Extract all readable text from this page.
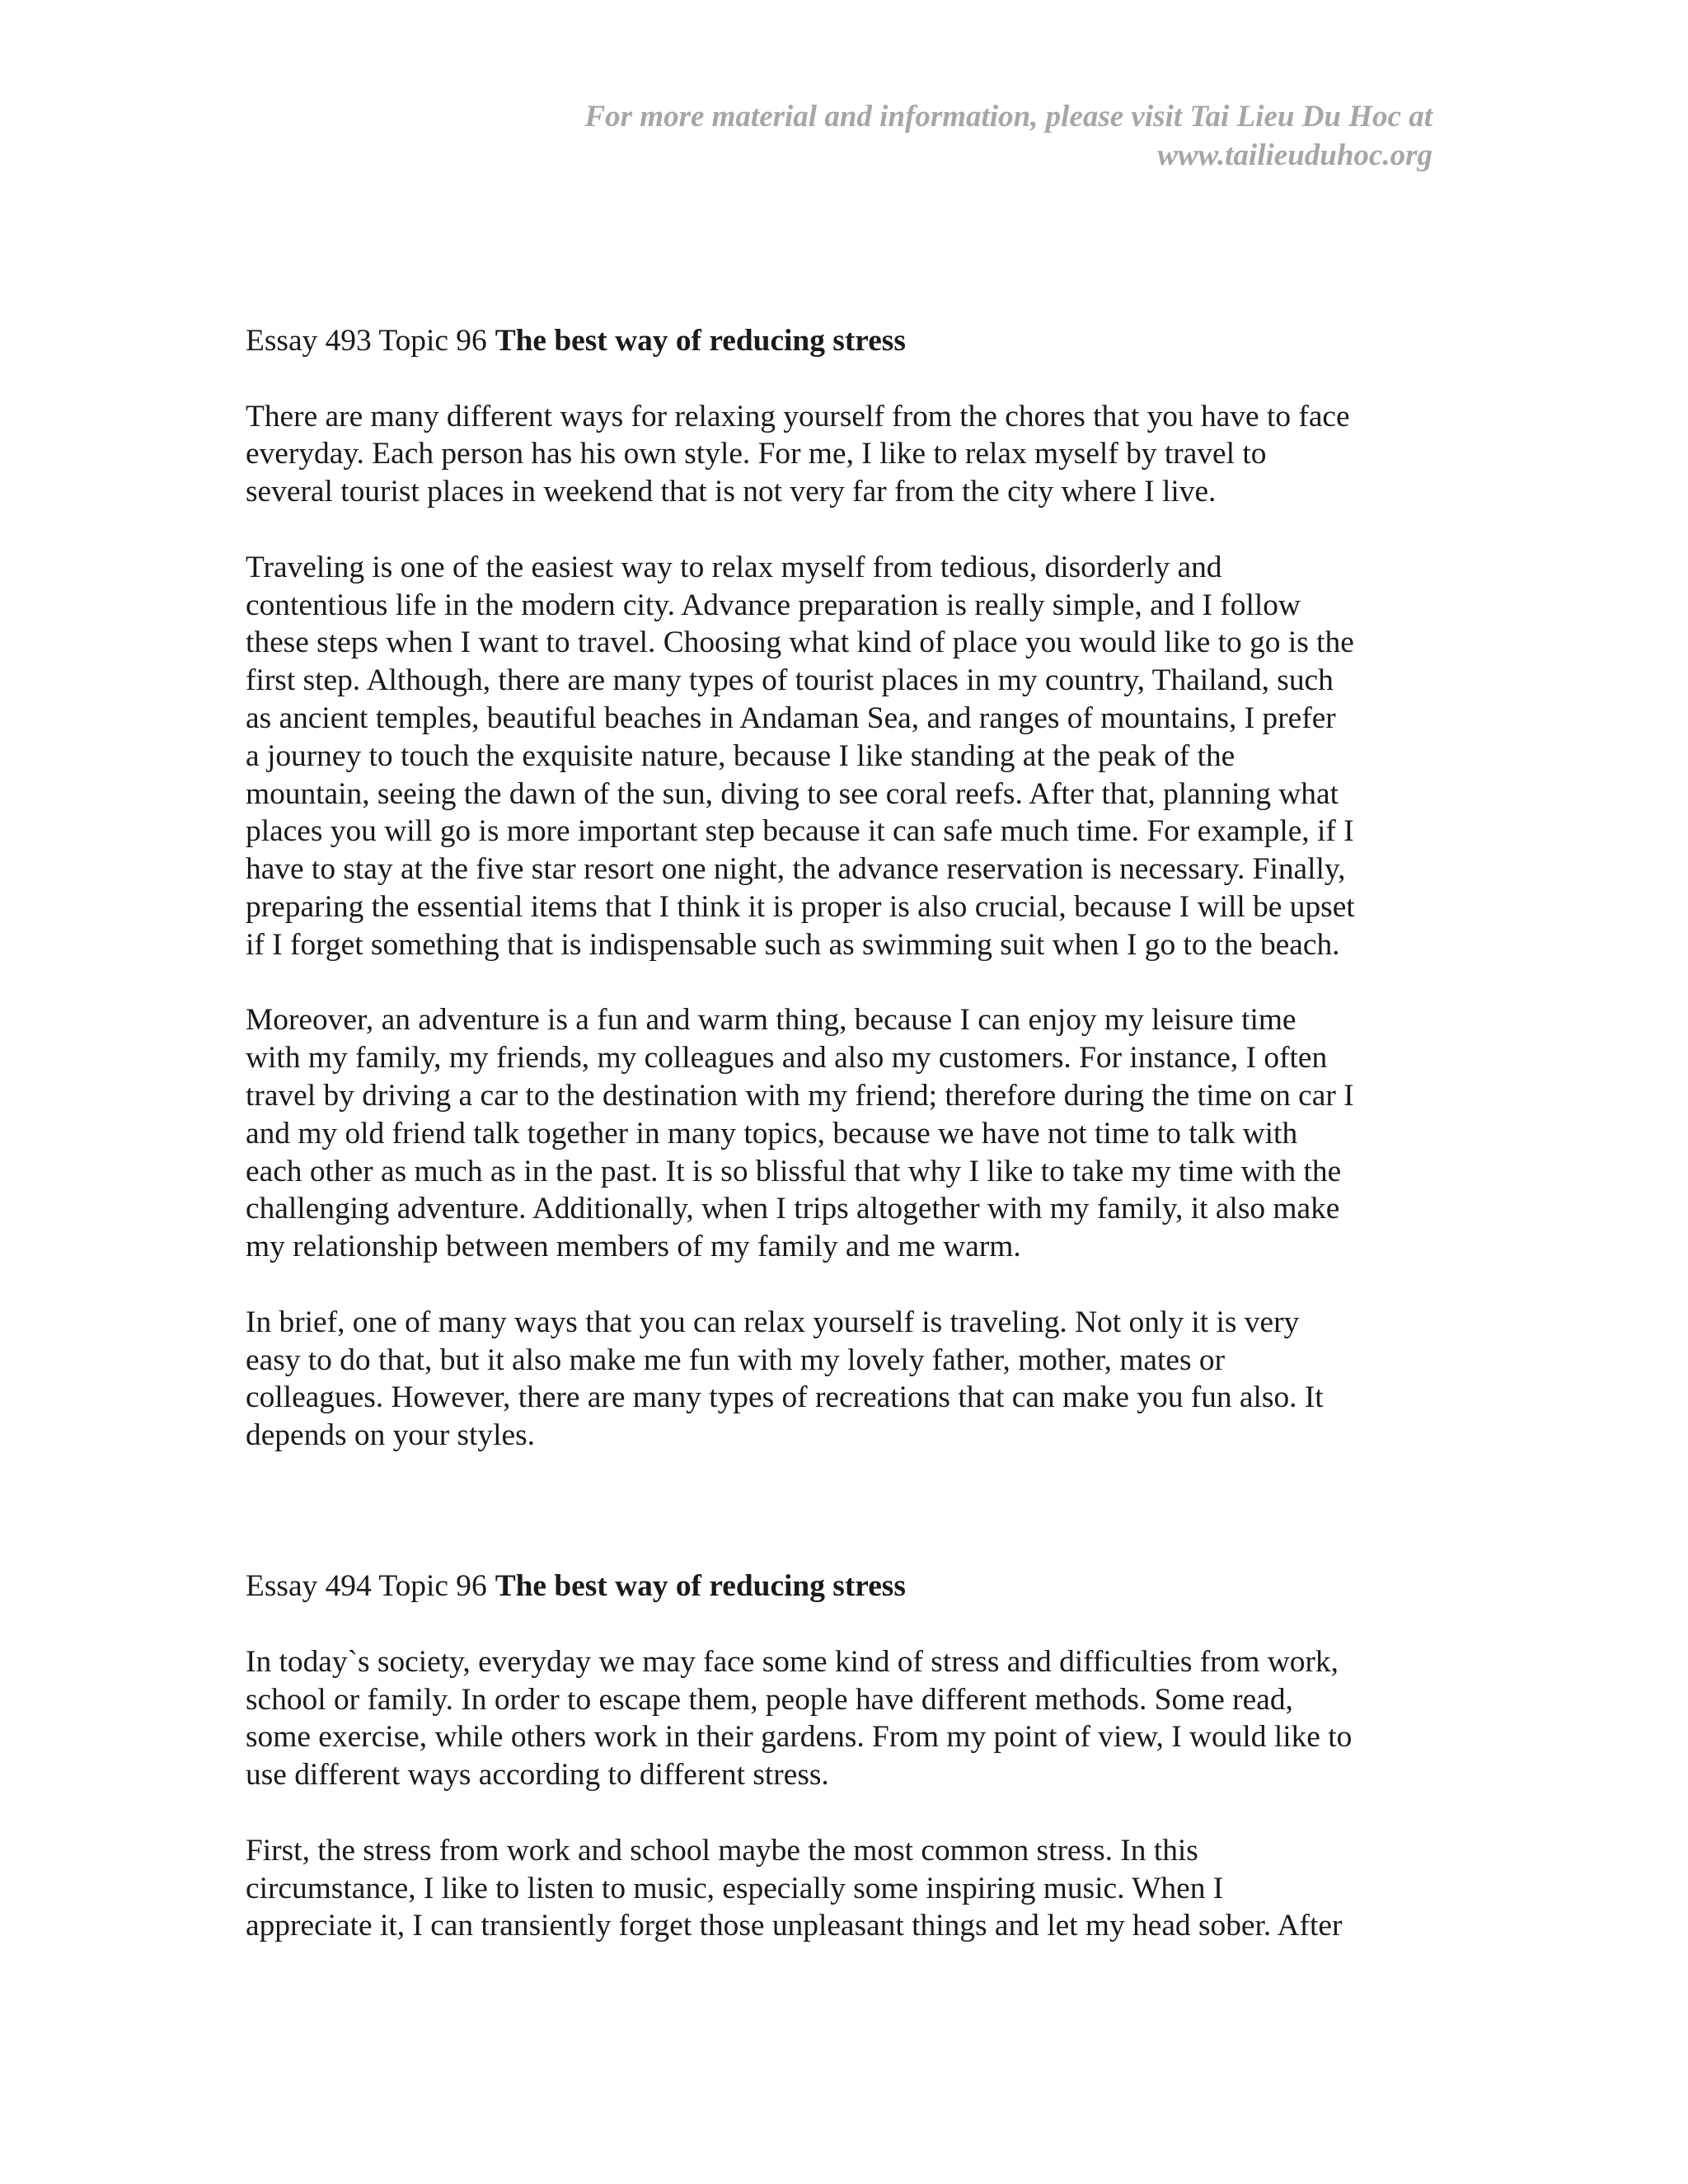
For more material and information, please visit Tai Lieu Du Hoc at
www.tailieuduhoc.org
Essay 493 Topic 96 The best way of reducing stress

There are many different ways for relaxing yourself from the chores that you have to face
everyday. Each person has his own style. For me, I like to relax myself by travel to
several tourist places in weekend that is not very far from the city where I live.

Traveling is one of the easiest way to relax myself from tedious, disorderly and
contentious life in the modern city. Advance preparation is really simple, and I follow
these steps when I want to travel. Choosing what kind of place you would like to go is the
first step. Although, there are many types of tourist places in my country, Thailand, such
as ancient temples, beautiful beaches in Andaman Sea, and ranges of mountains, I prefer
a journey to touch the exquisite nature, because I like standing at the peak of the
mountain, seeing the dawn of the sun, diving to see coral reefs. After that, planning what
places you will go is more important step because it can safe much time. For example, if I
have to stay at the five star resort one night, the advance reservation is necessary. Finally,
preparing the essential items that I think it is proper is also crucial, because I will be upset
if I forget something that is indispensable such as swimming suit when I go to the beach.

Moreover, an adventure is a fun and warm thing, because I can enjoy my leisure time
with my family, my friends, my colleagues and also my customers. For instance, I often
travel by driving a car to the destination with my friend; therefore during the time on car I
and my old friend talk together in many topics, because we have not time to talk with
each other as much as in the past. It is so blissful that why I like to take my time with the
challenging adventure. Additionally, when I trips altogether with my family, it also make
my relationship between members of my family and me warm.

In brief, one of many ways that you can relax yourself is traveling. Not only it is very
easy to do that, but it also make me fun with my lovely father, mother, mates or
colleagues. However, there are many types of recreations that can make you fun also. It
depends on your styles.

Essay 494 Topic 96 The best way of reducing stress

In today`s society, everyday we may face some kind of stress and difficulties from work,
school or family. In order to escape them, people have different methods. Some read,
some exercise, while others work in their gardens. From my point of view, I would like to
use different ways according to different stress.

First, the stress from work and school maybe the most common stress. In this
circumstance, I like to listen to music, especially some inspiring music. When I
appreciate it, I can transiently forget those unpleasant things and let my head sober. After
